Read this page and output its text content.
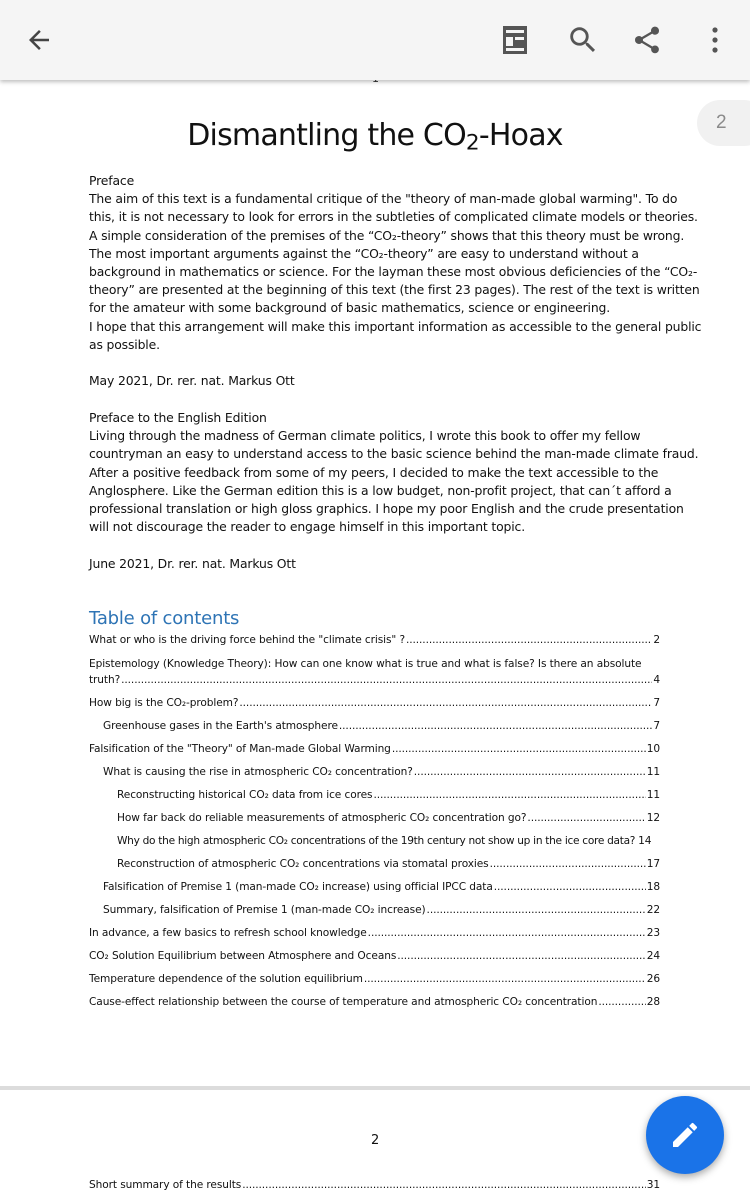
2
Dismantling the $CO_2$-Hoax
Preface
The aim of this text is a fundamental critique of the "theory of man-made global warming". To do
this, it is not necessary to look for errors in the subtleties of complicated climate models or theories.
A simple consideration of the premises of the “CO₂-theory” shows that this theory must be wrong.
The most important arguments against the “CO₂-theory” are easy to understand without a
background in mathematics or science. For the layman these most obvious deficiencies of the “CO₂-
theory” are presented at the beginning of this text (the first 23 pages). The rest of the text is written
for the amateur with some background of basic mathematics, science or engineering.
I hope that this arrangement will make this important information as accessible to the general public
as possible.
May 2021, Dr. rer. nat. Markus Ott
Preface to the English Edition
Living through the madness of German climate politics, I wrote this book to offer my fellow
countryman an easy to understand access to the basic science behind the man-made climate fraud.
After a positive feedback from some of my peers, I decided to make the text accessible to the
Anglosphere. Like the German edition this is a low budget, non-profit project, that can´t afford a
professional translation or high gloss graphics. I hope my poor English and the crude presentation
will not discourage the reader to engage himself in this important topic.
June 2021, Dr. rer. nat. Markus Ott
Table of contents
What or who is the driving force behind the "climate crisis" ? .....	2
Epistemology (Knowledge Theory): How can one know what is true and what is false? Is there an absolute
truth? .....	4
How big is the CO₂-problem? .....	7
Greenhouse gases in the Earth's atmosphere .....	7
Falsification of the "Theory" of Man-made Global Warming .....	10
What is causing the rise in atmospheric CO₂ concentration? .....	11
Reconstructing historical CO₂ data from ice cores .....	11
How far back do reliable measurements of atmospheric CO₂ concentration go? .....	12
Why do the high atmospheric CO₂ concentrations of the 19th century not show up in the ice core data? 14
Reconstruction of atmospheric CO₂ concentrations via stomatal proxies .....	17
Falsification of Premise 1 (man-made CO₂ increase) using official IPCC data .....	18
Summary, falsification of Premise 1 (man-made CO₂ increase) .....	22
In advance, a few basics to refresh school knowledge .....	23
CO₂ Solution Equilibrium between Atmosphere and Oceans .....	24
Temperature dependence of the solution equilibrium .....	26
Cause-effect relationship between the course of temperature and atmospheric CO₂ concentration .....	28
2
Short summary of the results .....	31
